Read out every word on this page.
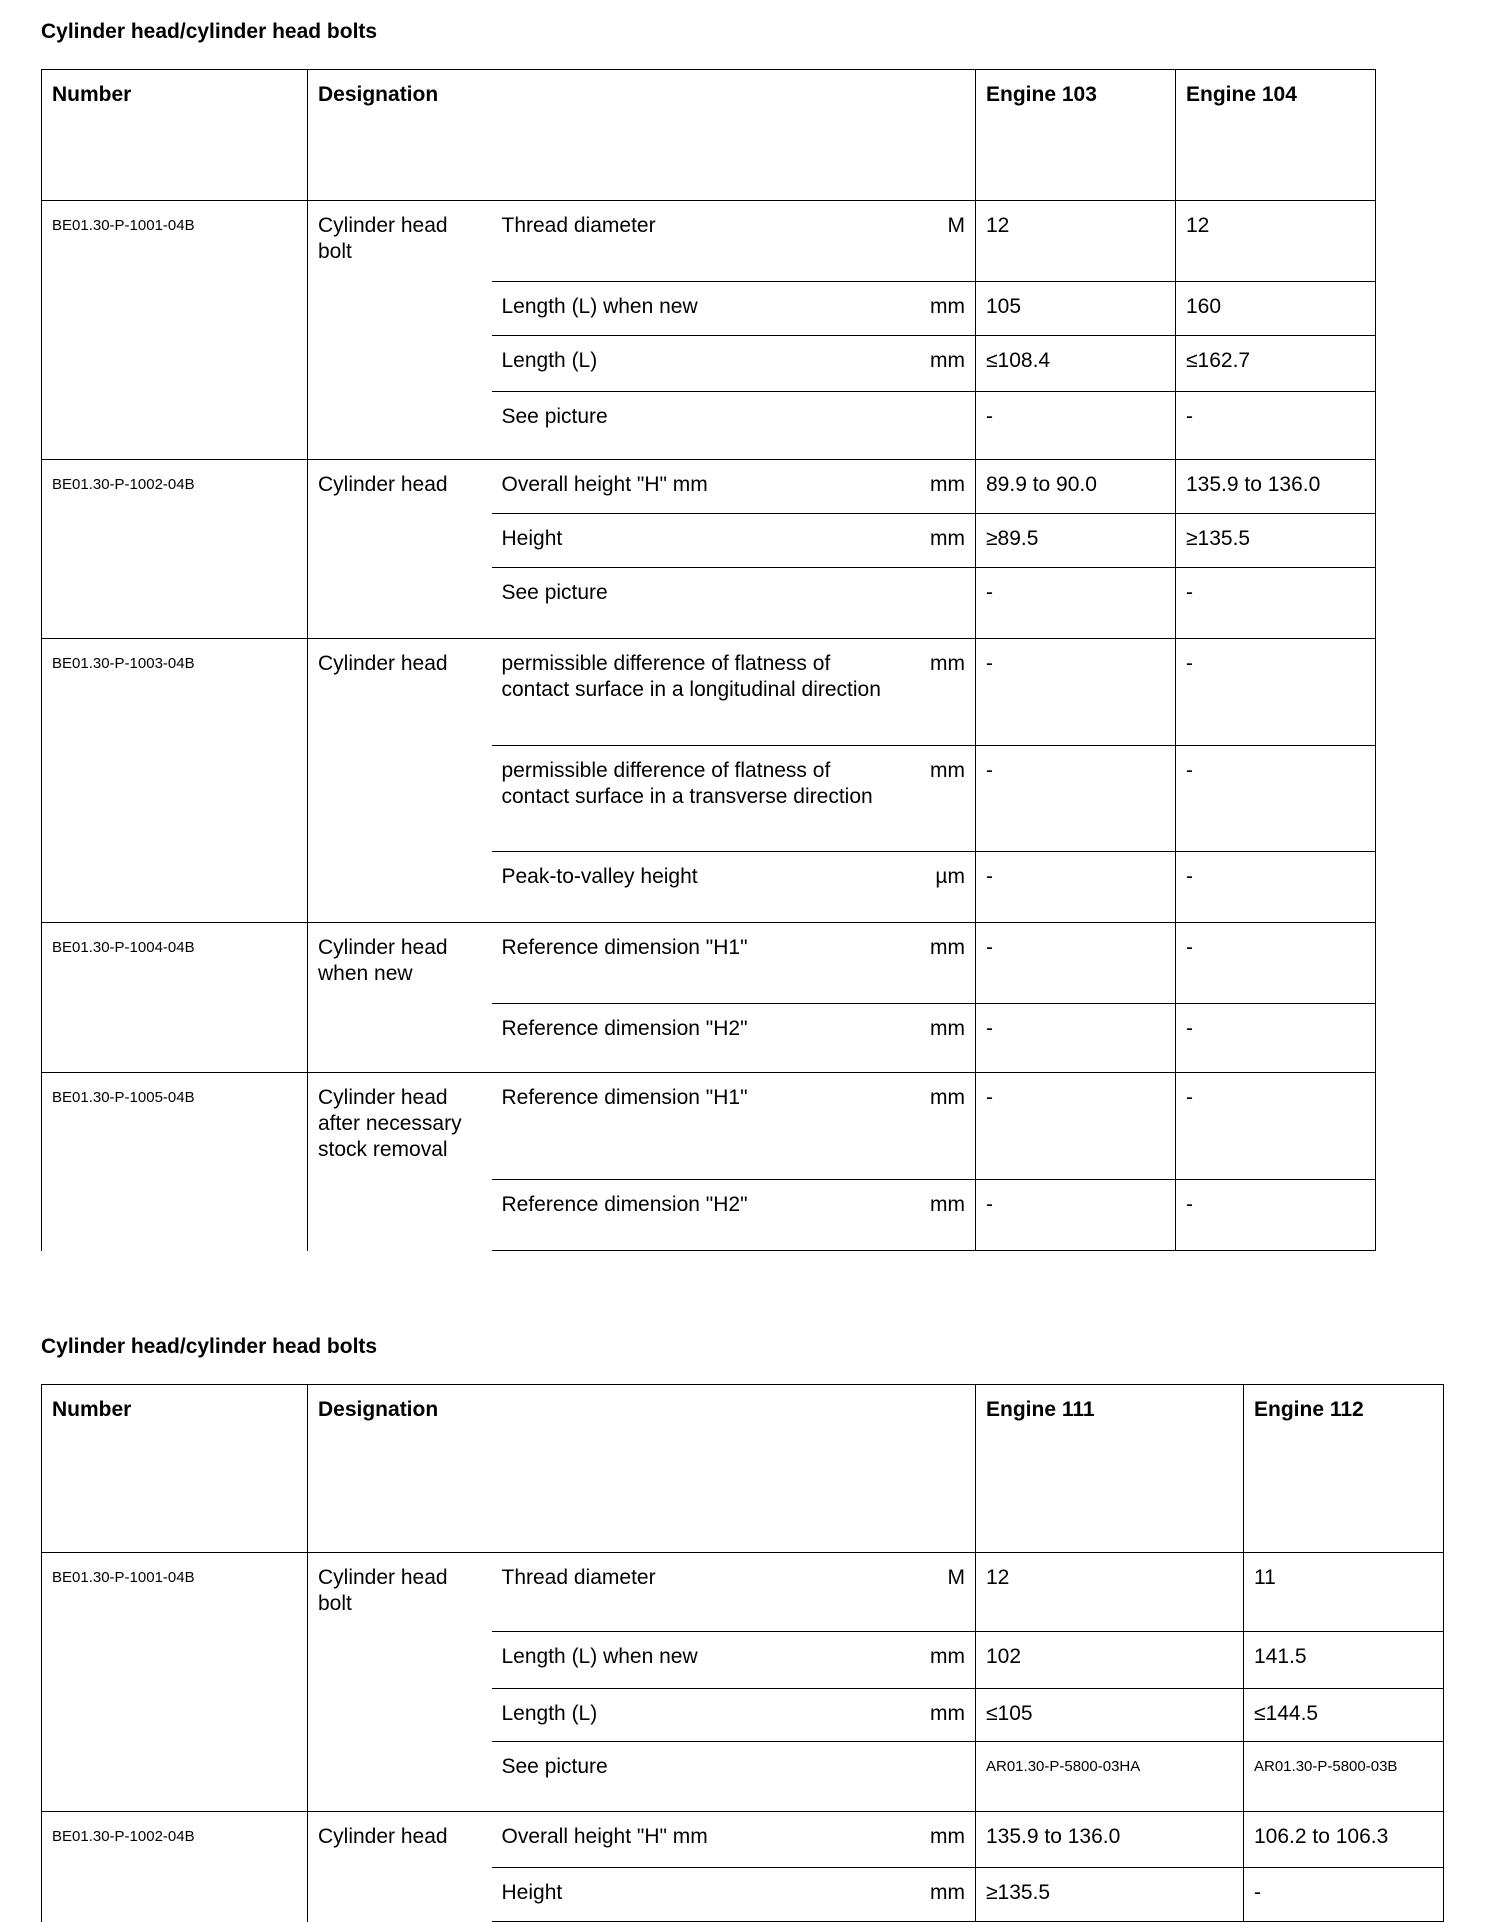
Cylinder head/cylinder head bolts
Number	Designation			Engine 103	Engine 104
BE01.30-P-1001-04B	Cylinder head bolt	Thread diameter	M	12	12
		Length (L) when new	mm	105	160
		Length (L)	mm	≤108.4	≤162.7
		See picture		-	-
BE01.30-P-1002-04B	Cylinder head	Overall height "H" mm	mm	89.9 to 90.0	135.9 to 136.0
		Height	mm	≥89.5	≥135.5
		See picture		-	-
BE01.30-P-1003-04B	Cylinder head	permissible difference of flatness of contact surface in a longitudinal direction	mm	-	-
		permissible difference of flatness of contact surface in a transverse direction	mm	-	-
		Peak-to-valley height	µm	-	-
BE01.30-P-1004-04B	Cylinder head when new	Reference dimension "H1"	mm	-	-
		Reference dimension "H2"	mm	-	-
BE01.30-P-1005-04B	Cylinder head after necessary stock removal	Reference dimension "H1"	mm	-	-
		Reference dimension "H2"	mm	-	-
Cylinder head/cylinder head bolts
Number	Designation			Engine 111	Engine 112
BE01.30-P-1001-04B	Cylinder head bolt	Thread diameter	M	12	11
		Length (L) when new	mm	102	141.5
		Length (L)	mm	≤105	≤144.5
		See picture		AR01.30-P-5800-03HA	AR01.30-P-5800-03B
BE01.30-P-1002-04B	Cylinder head	Overall height "H" mm	mm	135.9 to 136.0	106.2 to 106.3
		Height	mm	≥135.5	-
